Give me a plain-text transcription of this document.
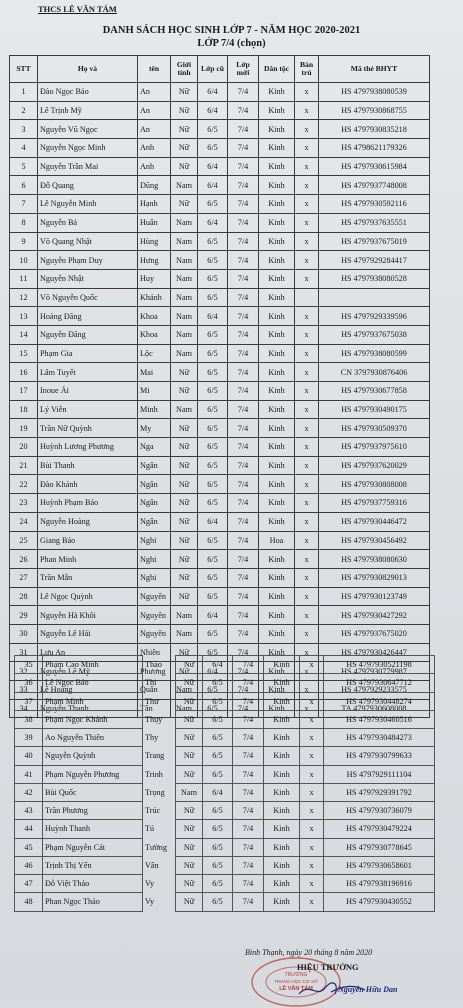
THCS LÊ VĂN TÁM
DANH SÁCH HỌC SINH LỚP 7 - NĂM HỌC 2020-2021
LỚP 7/4 (chọn)
STT	Họ và	tên	Giới tính	Lớp cũ	Lớp mới	Dân tộc	Bán trú	Mã thẻ BHYT
1	Đào Ngọc Bảo	An	Nữ	6/4	7/4	Kinh	x	HS 4797938080539
2	Lê Trịnh Mỹ	An	Nữ	6/4	7/4	Kinh	x	HS 4797930868755
3	Nguyễn Vũ Ngọc	An	Nữ	6/5	7/4	Kinh	x	HS 4797930835218
4	Nguyễn Ngọc Minh	Anh	Nữ	6/5	7/4	Kinh	x	HS 4798621179326
5	Nguyễn Trần Mai	Anh	Nữ	6/4	7/4	Kinh	x	HS 4797930615984
6	Đỗ Quang	Dũng	Nam	6/4	7/4	Kinh	x	HS 4797937748008
7	Lê Nguyễn Minh	Hạnh	Nữ	6/5	7/4	Kinh	x	HS 4797930592116
8	Nguyễn Bá	Huân	Nam	6/4	7/4	Kinh	x	HS 4797937635551
9	Võ Quang Nhật	Hùng	Nam	6/5	7/4	Kinh	x	HS 4797937675019
10	Nguyễn Phạm Duy	Hưng	Nam	6/5	7/4	Kinh	x	HS 4797929284417
11	Nguyễn Nhật	Huy	Nam	6/5	7/4	Kinh	x	HS 4797938080528
12	Võ Nguyễn Quốc	Khánh	Nam	6/5	7/4	Kinh		
13	Hoàng Đăng	Khoa	Nam	6/4	7/4	Kinh	x	HS 4797929339596
14	Nguyễn Đăng	Khoa	Nam	6/5	7/4	Kinh	x	HS 4797937675038
15	Phạm Gia	Lộc	Nam	6/5	7/4	Kinh	x	HS 4797938080599
16	Lâm Tuyết	Mai	Nữ	6/5	7/4	Kinh	x	CN 3797930876406
17	Inoue Ái	Mi	Nữ	6/5	7/4	Kinh	x	HS 4797930677858
18	Lý Viễn	Minh	Nam	6/5	7/4	Kinh	x	HS 4797930490175
19	Trần Nữ Quỳnh	My	Nữ	6/5	7/4	Kinh	x	HS 4797930509370
20	Huỳnh Lương Phương	Nga	Nữ	6/5	7/4	Kinh	x	HS 4797937975610
21	Bùi Thanh	Ngân	Nữ	6/5	7/4	Kinh	x	HS 4797937620029
22	Đào Khánh	Ngân	Nữ	6/5	7/4	Kinh	x	HS 4797930808008
23	Huỳnh Phạm Bảo	Ngân	Nữ	6/5	7/4	Kinh	x	HS 4797937759316
24	Nguyễn Hoàng	Ngân	Nữ	6/4	7/4	Kinh	x	HS 4797930446472
25	Giang Bảo	Nghi	Nữ	6/5	7/4	Hoa	x	HS 4797930456492
26	Phan Minh	Nghi	Nữ	6/5	7/4	Kinh	x	HS 4797938080630
27	Trần Mẫn	Nghi	Nữ	6/5	7/4	Kinh	x	HS 4797930829013
28	Lê Ngọc Quỳnh	Nguyên	Nữ	6/5	7/4	Kinh	x	HS 4797930123749
29	Nguyễn Hà Khôi	Nguyên	Nam	6/4	7/4	Kinh	x	HS 4797930427292
30	Nguyễn Lê Hải	Nguyên	Nam	6/5	7/4	Kinh	x	HS 4797937675020
31	Lưu An	Nhiên	Nữ	6/5	7/4	Kinh	x	HS 4797930426447
32	Nguyễn Lê Mỹ	Phương	Nữ	6/4	7/4	Kinh	x	HS 4797930779987
33	Lê Hoàng	Quân	Nam	6/5	7/4	Kinh	x	HS 4797929233575
34	Nguyễn Thanh	Tân	Nam	6/5	7/4	Kinh	x	TA 4797930608008
35	Phạm Cao Minh	Thảo	Nữ	6/4	7/4	Kinh	x	HS 4797930521198
36	Lê Ngọc Bảo	Thi	Nữ	6/5	7/4	Kinh		HS 4797930647712
37	Phạm Minh	Thư	Nữ	6/5	7/4	Kinh	x	HS 4797930448274
38	Phạm Ngọc Khánh	Thụy	Nữ	6/5	7/4	Kinh	x	HS 4797930460516
39	Ao Nguyễn Thiên	Thy	Nữ	6/5	7/4	Kinh	x	HS 4797930484273
40	Nguyễn Quỳnh	Trang	Nữ	6/5	7/4	Kinh	x	HS 4797930799633
41	Phạm Nguyễn Phương	Trinh	Nữ	6/5	7/4	Kinh	x	HS 4797929111104
42	Bùi Quốc	Trọng	Nam	6/4	7/4	Kinh	x	HS 4797929391792
43	Trần Phương	Trúc	Nữ	6/5	7/4	Kinh	x	HS 4797930736079
44	Huỳnh Thanh	Tú	Nữ	6/5	7/4	Kinh	x	HS 4797930479224
45	Phạm Nguyễn Cát	Tường	Nữ	6/5	7/4	Kinh	x	HS 4797930778645
46	Trịnh Thị Yến	Vân	Nữ	6/5	7/4	Kinh	x	HS 4797930658601
47	Đỗ Việt Thảo	Vy	Nữ	6/5	7/4	Kinh	x	HS 4797938196916
48	Phan Ngọc Thảo	Vy	Nữ	6/5	7/4	Kinh	x	HS 4797930430552
TRƯỜNG
TRUNG HỌC CƠ SỞ
LÊ VĂN TÁM
Bình Thạnh, ngày 20 tháng 8 năm 2020
HIỆU TRƯỞNG
Nguyễn Hữu Dan
